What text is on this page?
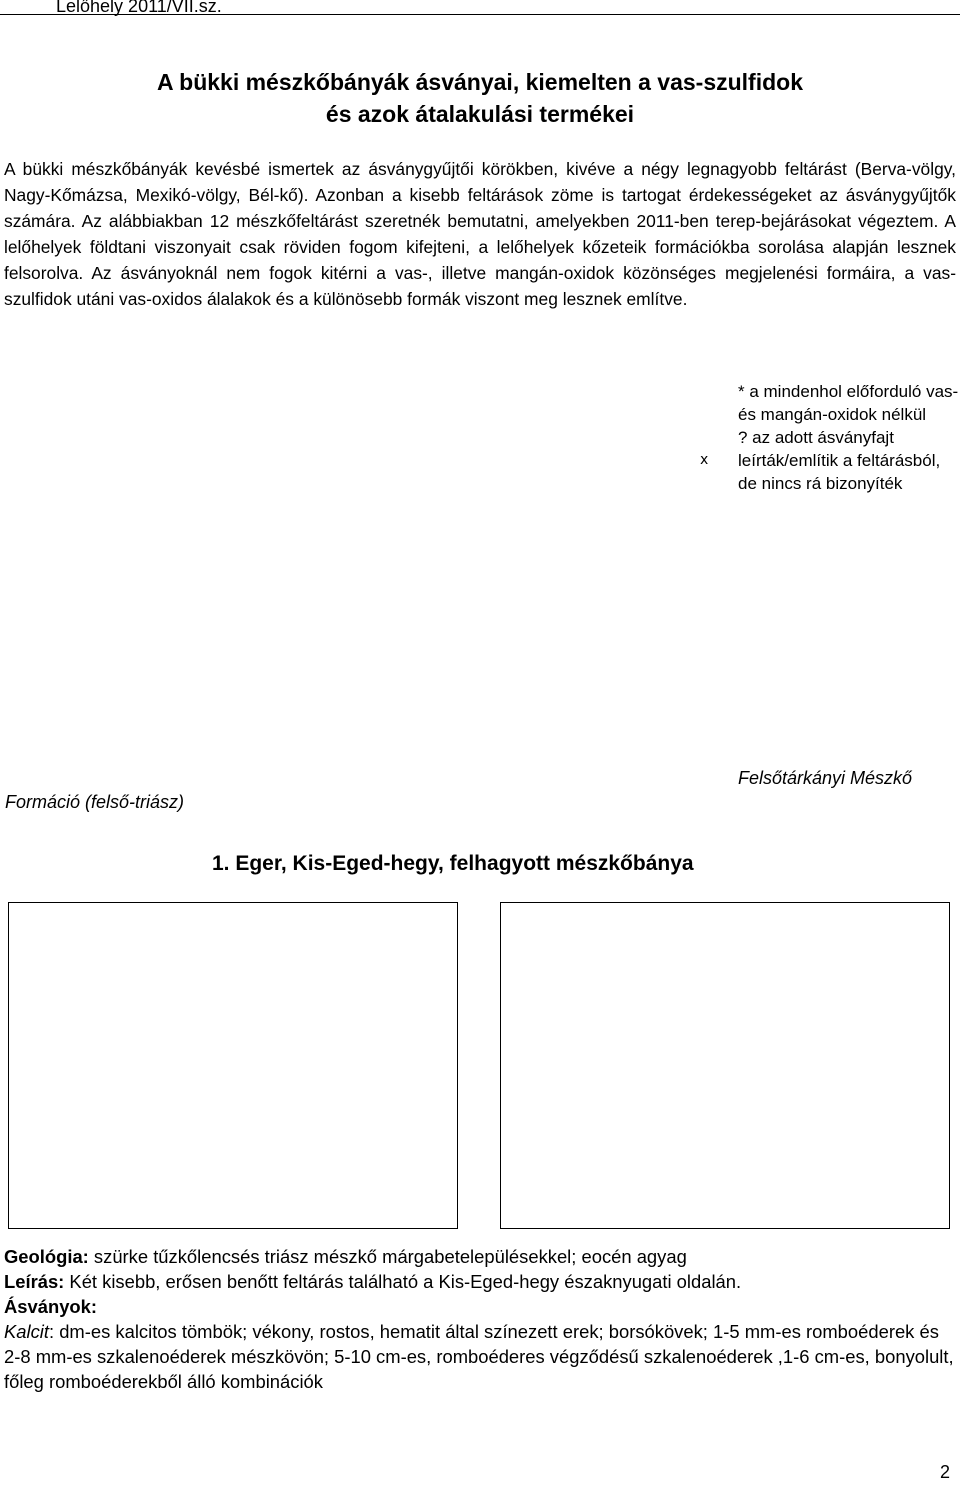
Lelőhely 2011/VII.sz.
A bükki mészkőbányák ásványai, kiemelten a vas-szulfidok
és azok átalakulási termékei

A bükki mészkőbányák kevésbé ismertek az ásványgyűjtői körökben, kivéve a négy legnagyobb feltárást (Berva-völgy, Nagy-Kőmázsa, Mexikó-völgy, Bél-kő). Azonban a kisebb feltárások zöme is tartogat érdekességeket az ásványgyűjtők számára. Az alábbiakban 12 mészkőfeltárást szeretnék bemutatni, amelyekben 2011-ben terep-bejárásokat végeztem. A lelőhelyek földtani viszonyait csak röviden fogom kifejteni, a lelőhelyek kőzeteik formációkba sorolása alapján lesznek felsorolva. Az ásványoknál nem fogok kitérni a vas-, illetve mangán-oxidok közönséges megjelenési formáira, a vas-szulfidok utáni vas-oxidos álalakok és a különösebb formák viszont meg lesznek említve.

* a mindenhol előforduló vas- és mangán-oxidok nélkül

? az adott ásványfajt leírták/említik a feltárásból, de nincs rá bizonyíték

x
Formáció (felső-triász)
Felsőtárkányi Mészkő
1. Eger, Kis-Eged-hegy, felhagyott mészkőbánya

Geológia: szürke tűzkőlencsés triász mészkő márgabetelepülésekkel; eocén agyag

Leírás: Két kisebb, erősen benőtt feltárás található a Kis-Eged-hegy északnyugati oldalán.

Ásványok:

Kalcit: dm-es kalcitos tömbök; vékony, rostos, hematit által színezett erek; borsókövek; 1-5 mm-es romboéderek és 2-8 mm-es szkalenoéderek mészkövön; 5-10 cm-es, romboéderes végződésű szkalenoéderek ,1-6 cm-es, bonyolult, főleg romboéderekből álló kombinációk

2
